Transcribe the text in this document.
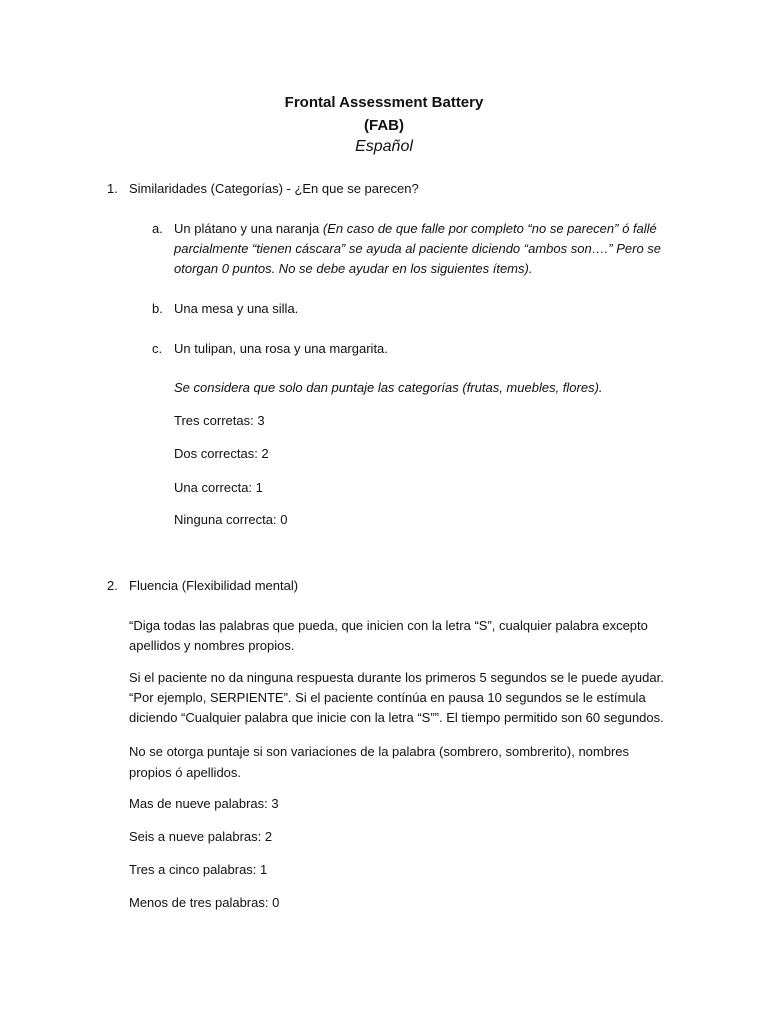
Frontal Assessment Battery
(FAB)
Español
1. Similaridades (Categorías) - ¿En que se parecen?
a. Un plátano y una naranja (En caso de que falle por completo “no se parecen” ó fallé
parcialmente “tienen cáscara” se ayuda al paciente diciendo “ambos son….” Pero se
otorgan 0 puntos. No se debe ayudar en los siguientes ítems).
b. Una mesa y una silla.
c. Un tulipan, una rosa y una margarita.
Se considera que solo dan puntaje las categorías (frutas, muebles, flores).
Tres corretas: 3
Dos correctas: 2
Una correcta: 1
Ninguna correcta: 0
2. Fluencia (Flexibilidad mental)
“Diga todas las palabras que pueda, que inicien con la letra “S”, cualquier palabra excepto
apellidos y nombres propios.
Si el paciente no da ninguna respuesta durante los primeros 5 segundos se le puede ayudar.
“Por ejemplo, SERPIENTE”. Si el paciente contínúa en pausa 10 segundos se le estímula
diciendo “Cualquier palabra que inicie con la letra “S””. El tiempo permitido son 60 segundos.
No se otorga puntaje si son variaciones de la palabra (sombrero, sombrerito), nombres
propios ó apellidos.
Mas de nueve palabras: 3
Seis a nueve palabras: 2
Tres a cinco palabras: 1
Menos de tres palabras: 0
